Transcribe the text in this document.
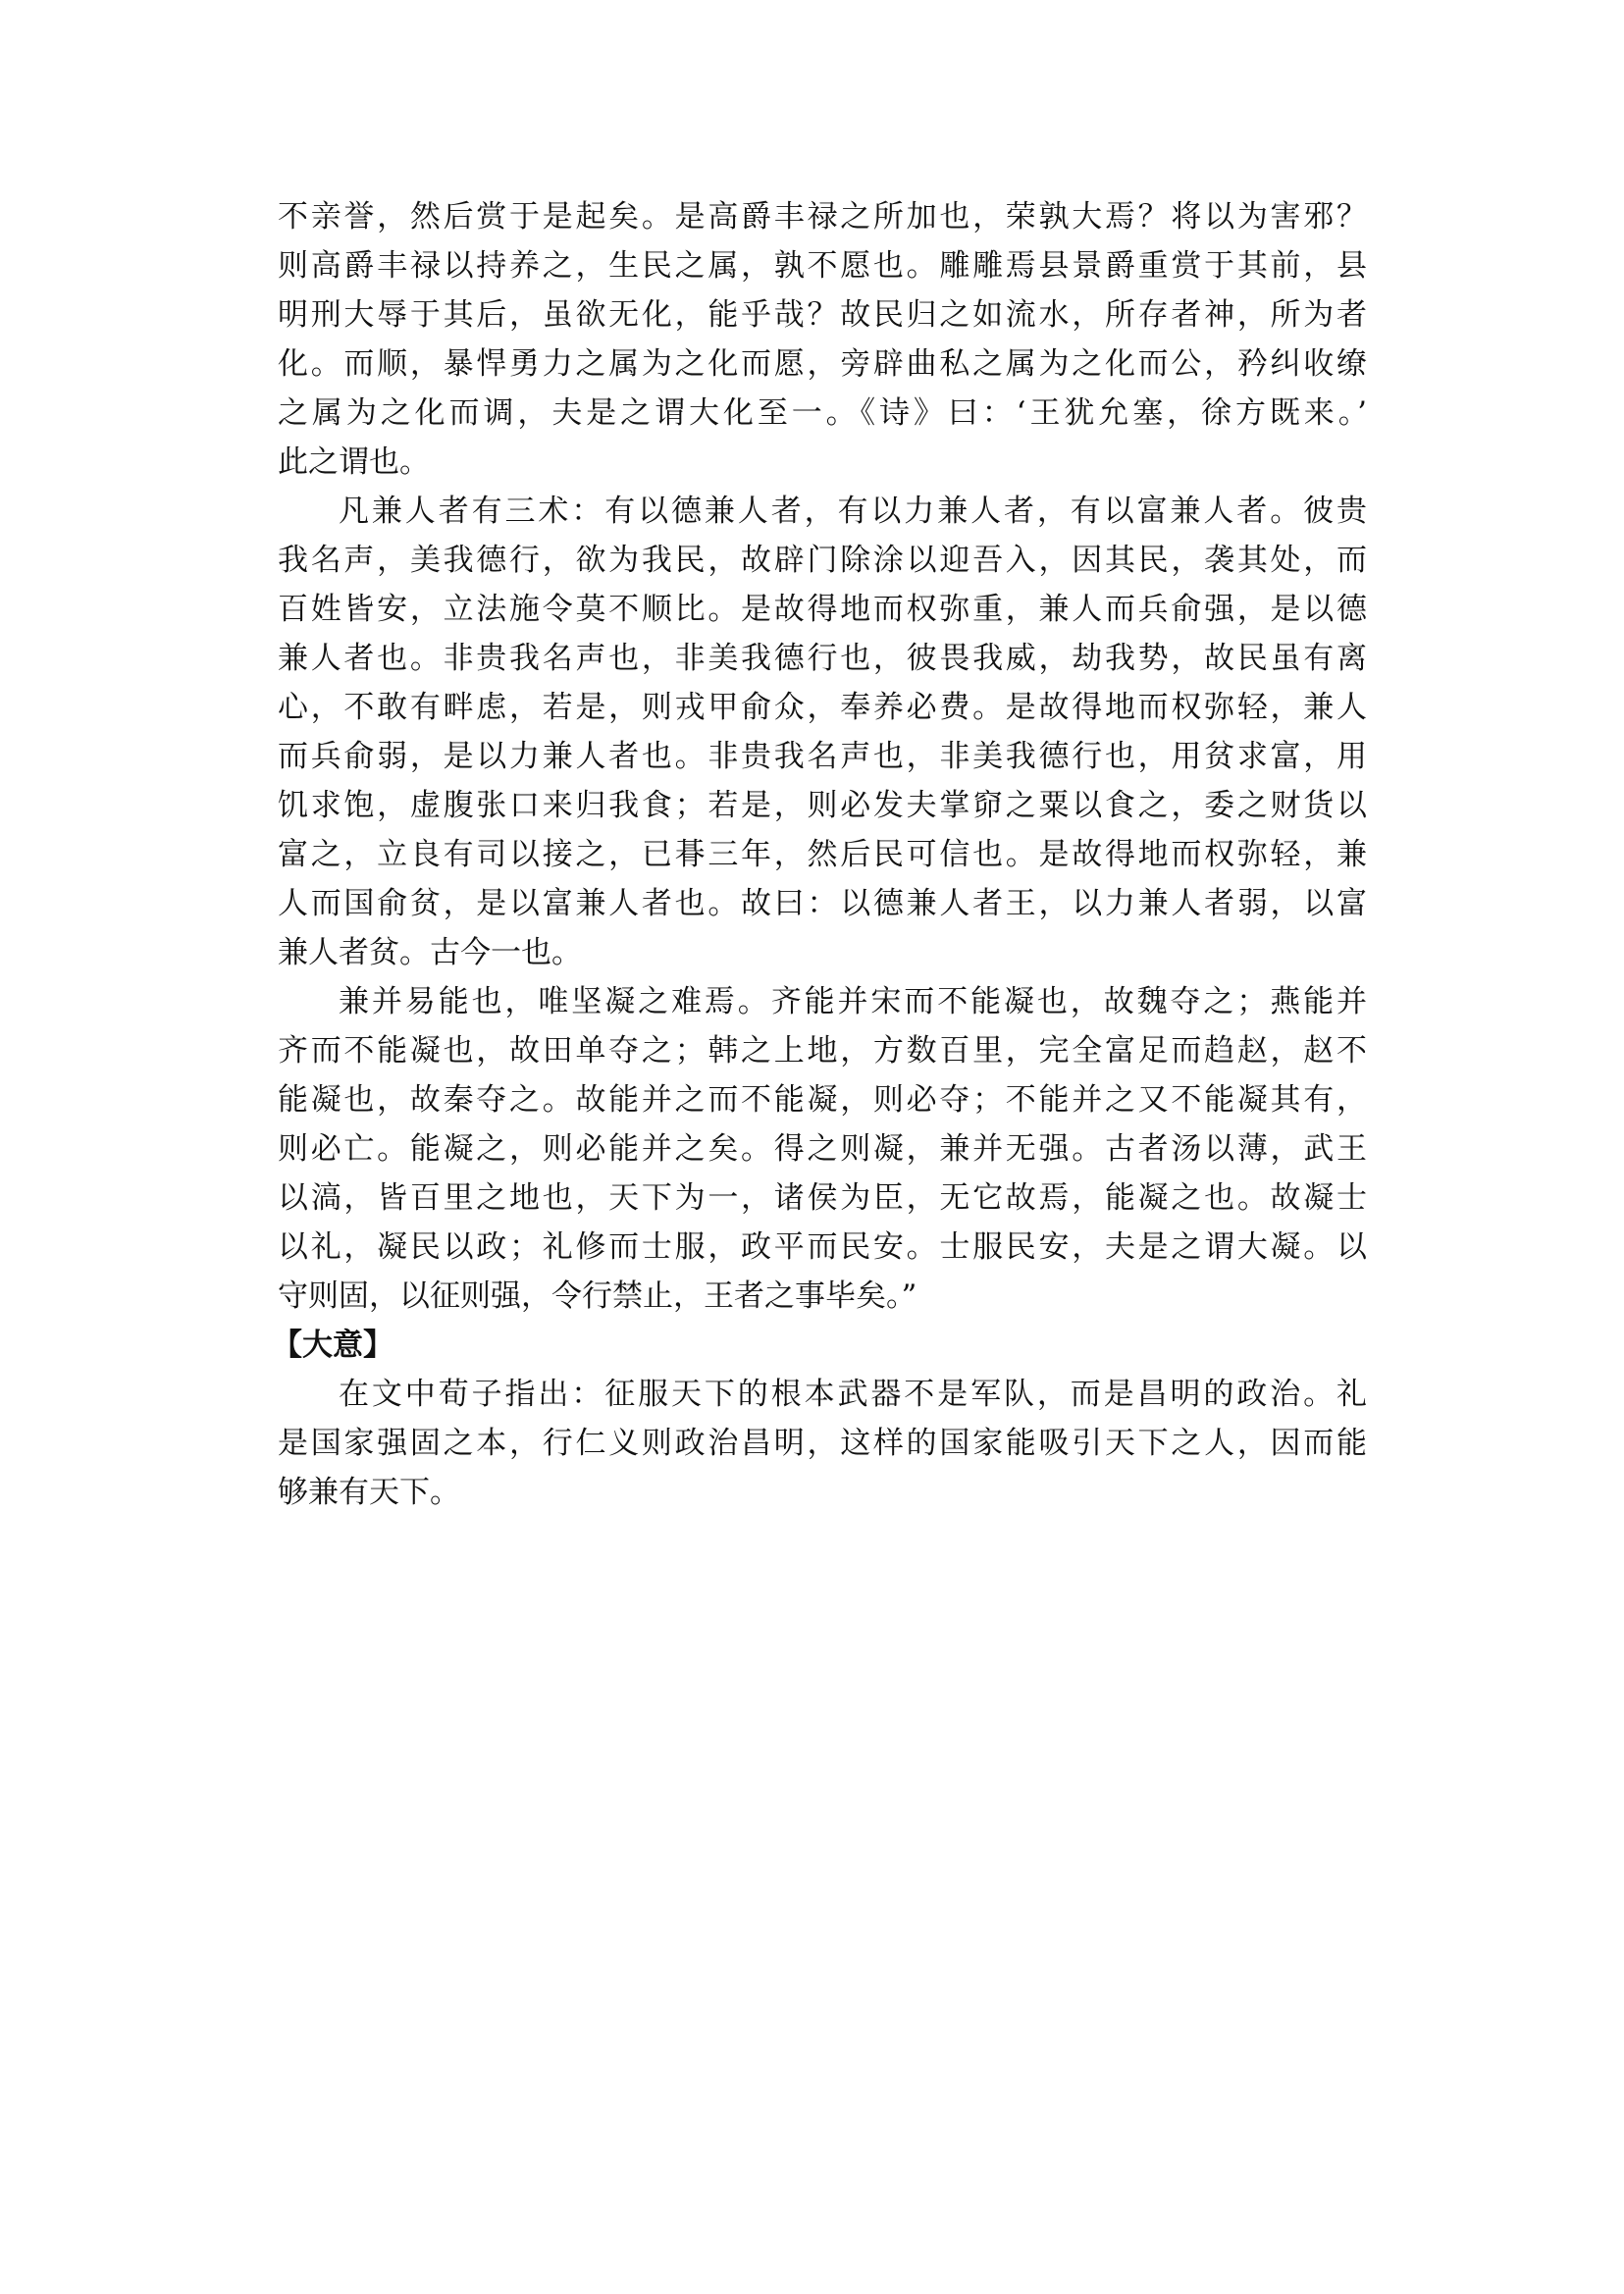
不亲誉，然后赏于是起矣。是高爵丰禄之所加也，荣孰大焉？将以为害邪？
则高爵丰禄以持养之，生民之属，孰不愿也。雕雕焉县景爵重赏于其前，县
明刑大辱于其后，虽欲无化，能乎哉？故民归之如流水，所存者神，所为者
化。而顺，暴悍勇力之属为之化而愿，旁辟曲私之属为之化而公，矜纠收缭
之属为之化而调，夫是之谓大化至一。《诗》曰：‘王犹允塞，徐方既来。’
此之谓也。
凡兼人者有三术：有以德兼人者，有以力兼人者，有以富兼人者。彼贵
我名声，美我德行，欲为我民，故辟门除涂以迎吾入，因其民，袭其处，而
百姓皆安，立法施令莫不顺比。是故得地而权弥重，兼人而兵俞强，是以德
兼人者也。非贵我名声也，非美我德行也，彼畏我威，劫我势，故民虽有离
心，不敢有畔虑，若是，则戎甲俞众，奉养必费。是故得地而权弥轻，兼人
而兵俞弱，是以力兼人者也。非贵我名声也，非美我德行也，用贫求富，用
饥求饱，虚腹张口来归我食；若是，则必发夫掌窌之粟以食之，委之财货以
富之，立良有司以接之，已朞三年，然后民可信也。是故得地而权弥轻，兼
人而国俞贫，是以富兼人者也。故曰：以德兼人者王，以力兼人者弱，以富
兼人者贫。古今一也。
兼并易能也，唯坚凝之难焉。齐能并宋而不能凝也，故魏夺之；燕能并
齐而不能凝也，故田单夺之；韩之上地，方数百里，完全富足而趋赵，赵不
能凝也，故秦夺之。故能并之而不能凝，则必夺；不能并之又不能凝其有，
则必亡。能凝之，则必能并之矣。得之则凝，兼并无强。古者汤以薄，武王
以滈，皆百里之地也，天下为一，诸侯为臣，无它故焉，能凝之也。故凝士
以礼，凝民以政；礼修而士服，政平而民安。士服民安，夫是之谓大凝。以
守则固，以征则强，令行禁止，王者之事毕矣。”
【大意】
在文中荀子指出：征服天下的根本武器不是军队，而是昌明的政治。礼
是国家强固之本，行仁义则政治昌明，这样的国家能吸引天下之人，因而能
够兼有天下。
